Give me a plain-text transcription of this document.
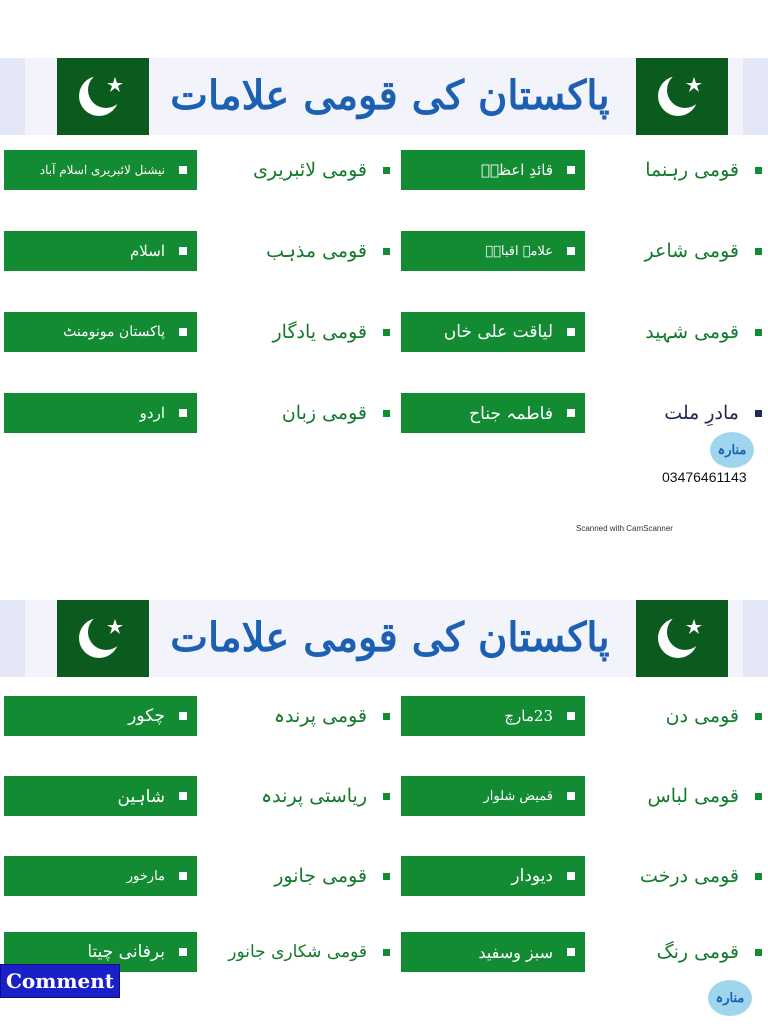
پاکستان کی قومی علامات
قومی رہنما
قائدِ اعظمؒ
قومی لائبریری
نیشنل لائبریری اسلام آباد
قومی شاعر
علامہ اقبالؒ
قومی مذہب
اسلام
قومی شہید
لیاقت علی خاں
قومی یادگار
پاکستان مونومنٹ
مادرِ ملت
فاطمہ جناح
قومی زبان
اردو
منارہ
03476461143
Scanned with CamScanner
پاکستان کی قومی علامات
قومی دن
23مارچ
قومی پرندہ
چکور
قومی لباس
قمیض شلوار
ریاستی پرندہ
شاہین
قومی درخت
دیودار
قومی جانور
مارخور
قومی رنگ
سبز وسفید
قومی شکاری جانور
برفانی چیتا
منارہ
Comment
